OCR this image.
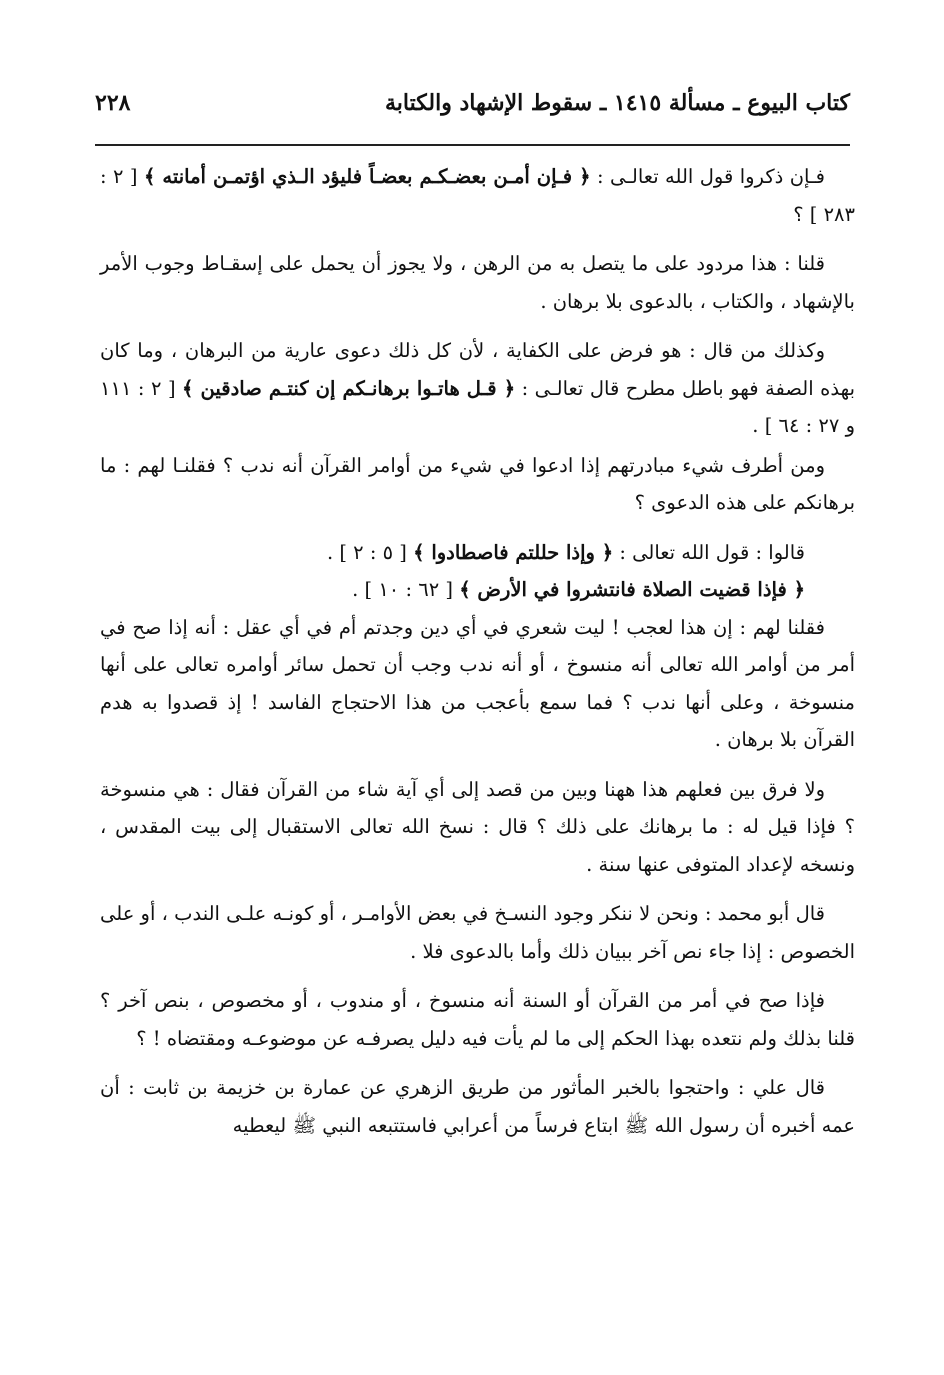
كتاب البيوع ـ مسألة ١٤١٥ ـ سقوط الإشهاد والكتابة
٢٢٨

فـإن ذكروا قول الله تعالـى : ﴿ فـإن أمـن بعضـكـم بعضـاً فليؤد الـذي اؤتمـن أمانته ﴾ [ ٢ : ٢٨٣ ] ؟

قلنا : هذا مردود على ما يتصل به من الرهن ، ولا يجوز أن يحمل على إسقـاط وجوب الأمر بالإشهاد ، والكتاب ، بالدعوى بلا برهان .

وكذلك من قال : هو فرض على الكفاية ، لأن كل ذلك دعوى عارية من البرهان ، وما كان بهذه الصفة فهو باطل مطرح قال تعالـى : ﴿ قـل هاتـوا برهانـكم إن كنتـم صادقين ﴾ [ ٢ : ١١١ و ٢٧ : ٦٤ ] .

ومن أطرف شيء مبادرتهم إذا ادعوا في شيء من أوامر القرآن أنه ندب ؟ فقلنـا لهم : ما برهانكم على هذه الدعوى ؟

قالوا : قول الله تعالى : ﴿ وإذا حللتم فاصطادوا ﴾ [ ٥ : ٢ ] .

﴿ فإذا قضيت الصلاة فانتشروا في الأرض ﴾ [ ٦٢ : ١٠ ] .

فقلنا لهم : إن هذا لعجب ! ليت شعري في أي دين وجدتم أم في أي عقل : أنه إذا صح في أمر من أوامر الله تعالى أنه منسوخ ، أو أنه ندب وجب أن تحمل سائر أوامره تعالى على أنها منسوخة ، وعلى أنها ندب ؟ فما سمع بأعجب من هذا الاحتجاج الفاسد ! إذ قصدوا به هدم القرآن بلا برهان .

ولا فرق بين فعلهم هذا ههنا وبين من قصد إلى أي آية شاء من القرآن فقال : هي منسوخة ؟ فإذا قيل له : ما برهانك على ذلك ؟ قال : نسخ الله تعالى الاستقبال إلى بيت المقدس ، ونسخه لإعداد المتوفى عنها سنة .

قال أبو محمد : ونحن لا ننكر وجود النسـخ في بعض الأوامـر ، أو كونـه علـى الندب ، أو على الخصوص : إذا جاء نص آخر ببيان ذلك وأما بالدعوى فلا .

فإذا صح في أمر من القرآن أو السنة أنه منسوخ ، أو مندوب ، أو مخصوص ، بنص آخر ؟ قلنا بذلك ولم نتعده بهذا الحكم إلى ما لم يأت فيه دليل يصرفـه عن موضوعـه ومقتضاه ! ؟

قال علي : واحتجوا بالخبر المأثور من طريق الزهري عن عمارة بن خزيمة بن ثابت : أن عمه أخبره أن رسول الله ﷺ ابتاع فرساً من أعرابي فاستتبعه النبي ﷺ ليعطيه
